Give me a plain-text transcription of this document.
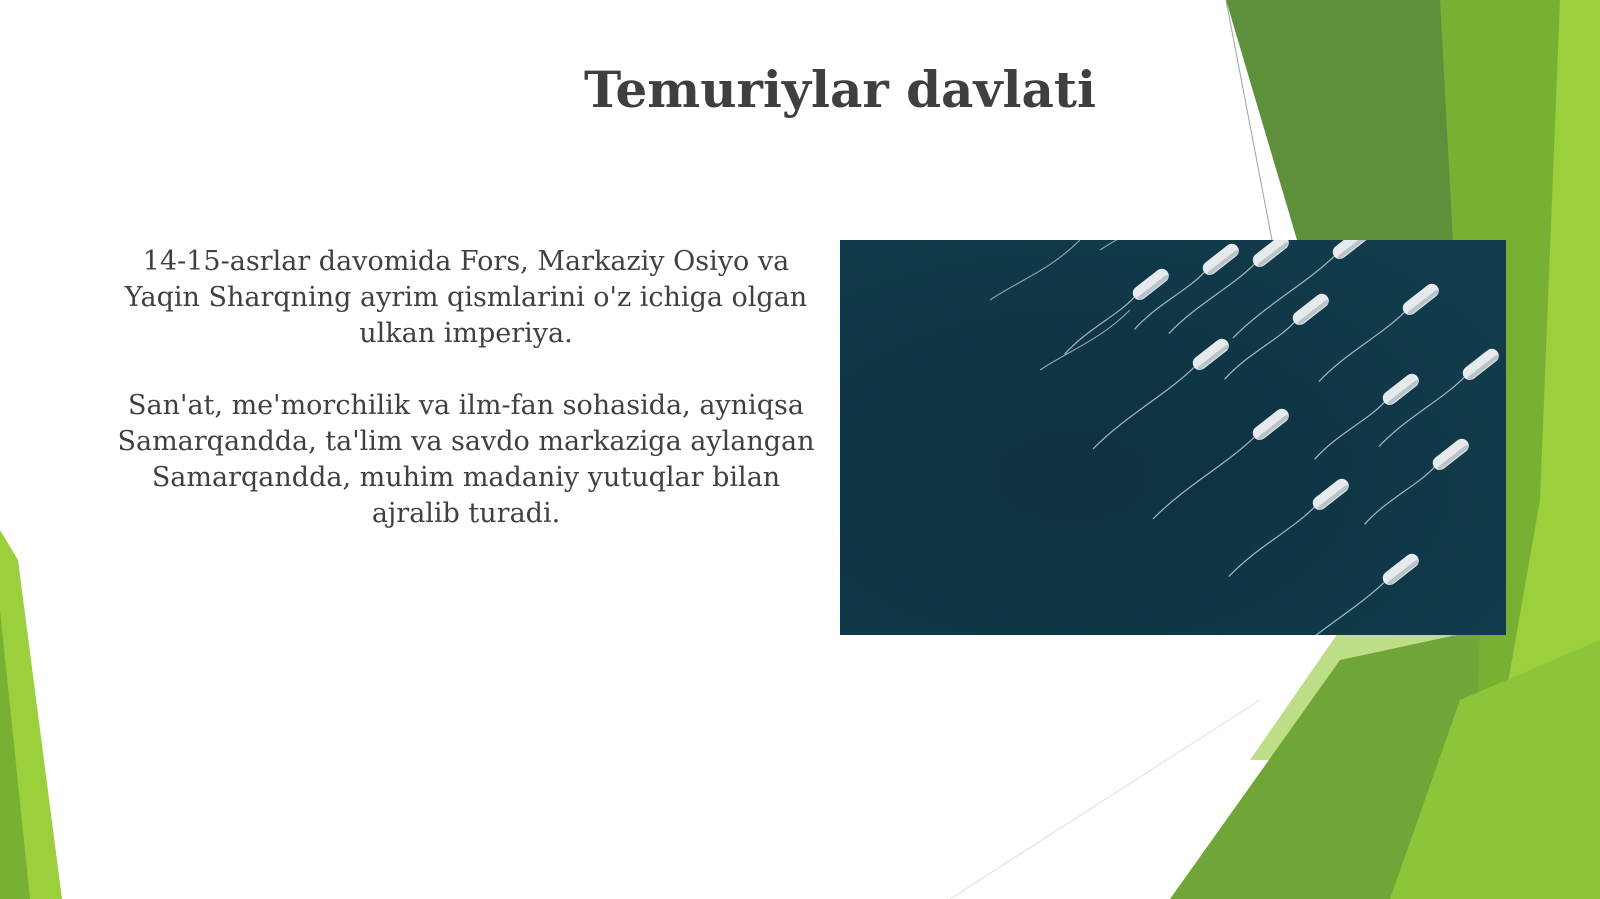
Temuriylar davlati

14-15-asrlar davomida Fors, Markaziy Osiyo va Yaqin Sharqning ayrim qismlarini o'z ichiga olgan ulkan imperiya.

San'at, me'morchilik va ilm-fan sohasida, ayniqsa Samarqandda, ta'lim va savdo markaziga aylangan Samarqandda, muhim madaniy yutuqlar bilan ajralib turadi.
